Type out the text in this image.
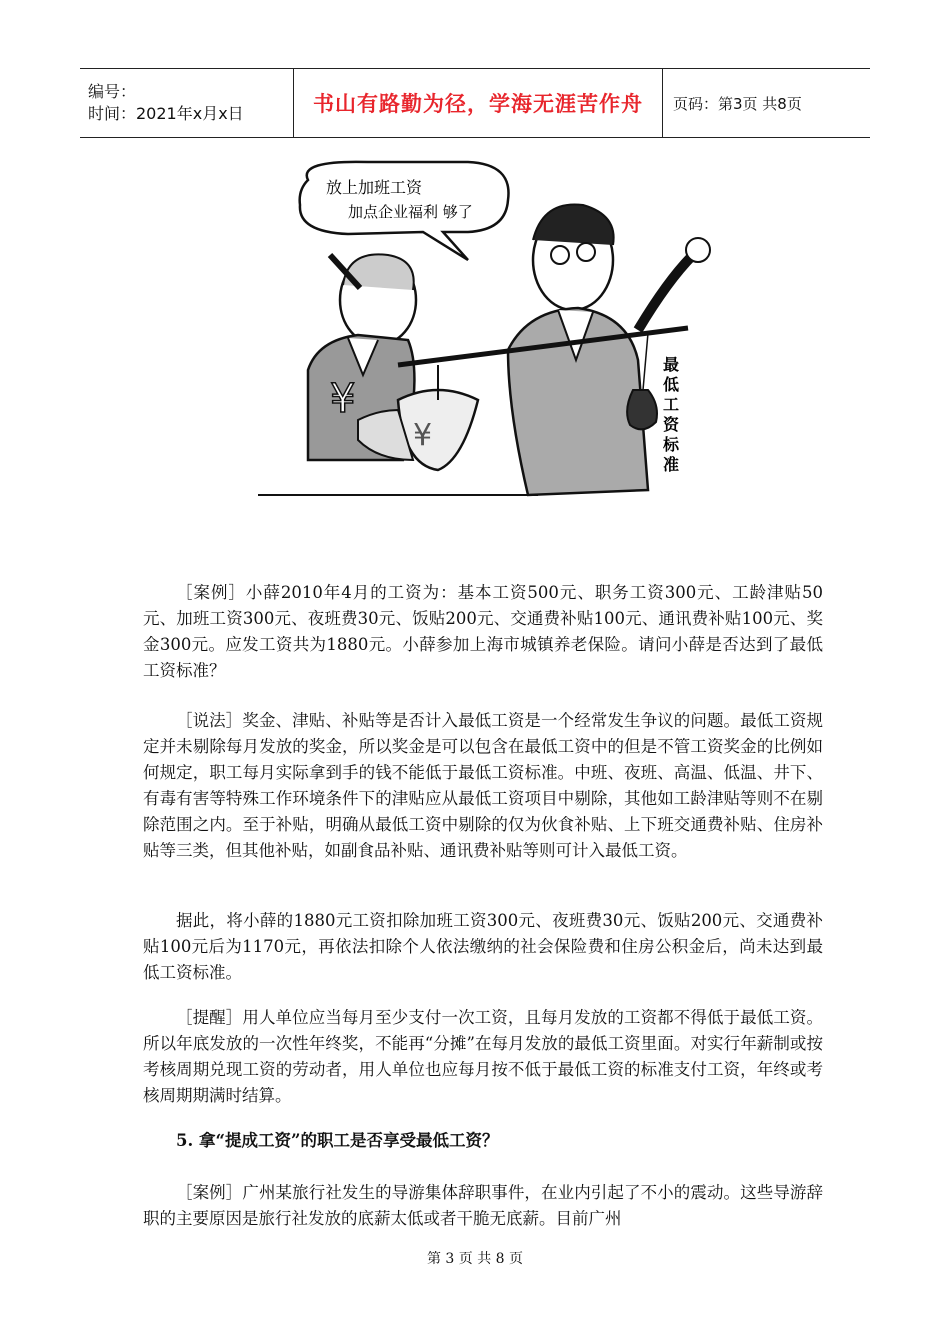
编号：
时间：2021年x月x日	书山有路勤为径，学海无涯苦作舟 页码：第3页 共8页
放上加班工资
加点企业福利 够了
¥
¥
最
低
工
资
标
准

［案例］小薛2010年4月的工资为：基本工资500元、职务工资300元、工龄津贴50元、加班工资300元、夜班费30元、饭贴200元、交通费补贴100元、通讯费补贴100元、奖金300元。应发工资共为1880元。小薛参加上海市城镇养老保险。请问小薛是否达到了最低工资标准？

［说法］奖金、津贴、补贴等是否计入最低工资是一个经常发生争议的问题。最低工资规定并未剔除每月发放的奖金，所以奖金是可以包含在最低工资中的但是不管工资奖金的比例如何规定，职工每月实际拿到手的钱不能低于最低工资标准。中班、夜班、高温、低温、井下、有毒有害等特殊工作环境条件下的津贴应从最低工资项目中剔除，其他如工龄津贴等则不在剔除范围之内。至于补贴，明确从最低工资中剔除的仅为伙食补贴、上下班交通费补贴、住房补贴等三类，但其他补贴，如副食品补贴、通讯费补贴等则可计入最低工资。

据此，将小薛的1880元工资扣除加班工资300元、夜班费30元、饭贴200元、交通费补贴100元后为1170元，再依法扣除个人依法缴纳的社会保险费和住房公积金后，尚未达到最低工资标准。

［提醒］用人单位应当每月至少支付一次工资，且每月发放的工资都不得低于最低工资。所以年底发放的一次性年终奖，不能再“分摊”在每月发放的最低工资里面。对实行年薪制或按考核周期兑现工资的劳动者，用人单位也应每月按不低于最低工资的标准支付工资，年终或考核周期期满时结算。

5. 拿“提成工资”的职工是否享受最低工资？

［案例］广州某旅行社发生的导游集体辞职事件，在业内引起了不小的震动。这些导游辞职的主要原因是旅行社发放的底薪太低或者干脆无底薪。目前广州

第 3 页 共 8 页
